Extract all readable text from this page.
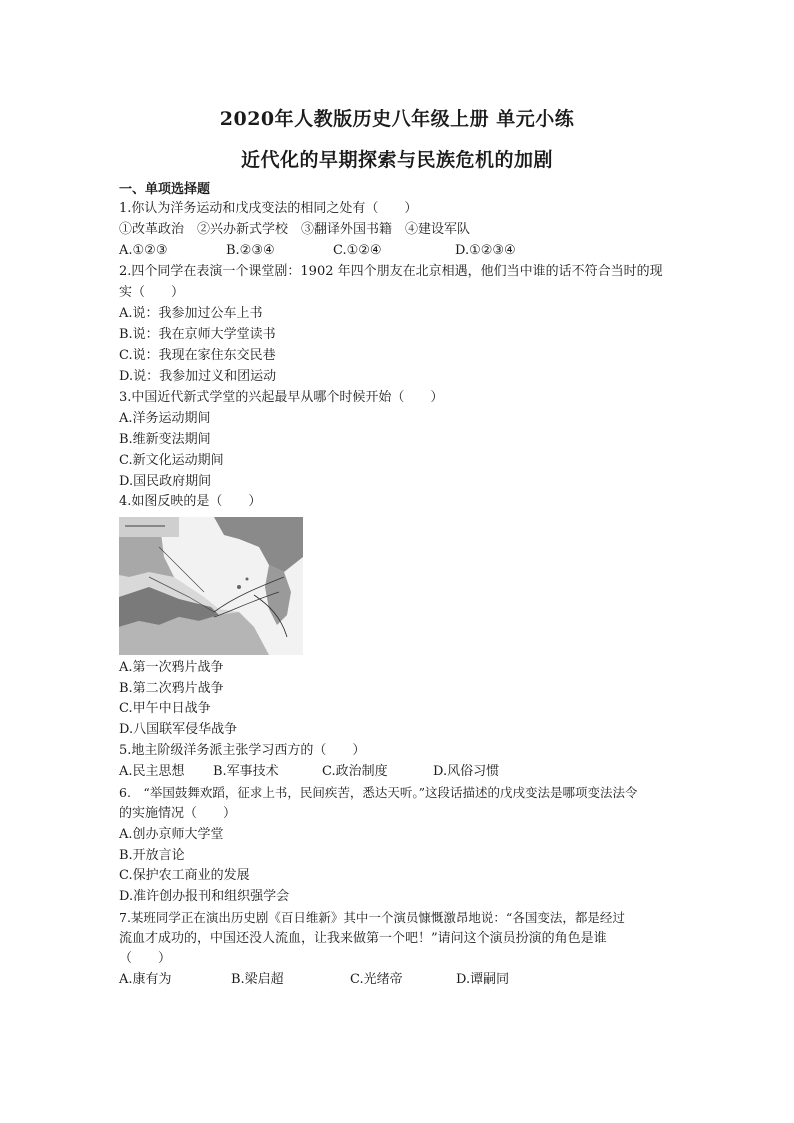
2020年人教版历史八年级上册 单元小练
近代化的早期探索与民族危机的加剧
一、单项选择题
1.你认为洋务运动和戊戌变法的相同之处有（　　）
①改革政治　②兴办新式学校　③翻译外国书籍　④建设军队
A.①②③	B.②③④	C.①②④	D.①②③④
2.四个同学在表演一个课堂剧：1902 年四个朋友在北京相遇，他们当中谁的话不符合当时的现
实（　　）
A.说：我参加过公车上书
B.说：我在京师大学堂读书
C.说：我现在家住东交民巷
D.说：我参加过义和团运动
3.中国近代新式学堂的兴起最早从哪个时候开始（　　）
A.洋务运动期间
B.维新变法期间
C.新文化运动期间
D.国民政府期间
4.如图反映的是（　　）
A.第一次鸦片战争
B.第二次鸦片战争
C.甲午中日战争
D.八国联军侵华战争
5.地主阶级洋务派主张学习西方的（　　）
A.民主思想 B.军事技术	C.政治制度	D.风俗习惯
6.　“举国鼓舞欢蹈，征求上书，民间疾苦，悉达天听。”这段话描述的戊戌变法是哪项变法法令
的实施情况（　　）
A.创办京师大学堂
B.开放言论
C.保护农工商业的发展
D.准许创办报刊和组织强学会
7.某班同学正在演出历史剧《百日维新》其中一个演员慷慨激昂地说：“各国变法，都是经过
流血才成功的，中国还没人流血，让我来做第一个吧！”请问这个演员扮演的角色是谁
（　　）
A.康有为	B.梁启超	C.光绪帝	D.谭嗣同
